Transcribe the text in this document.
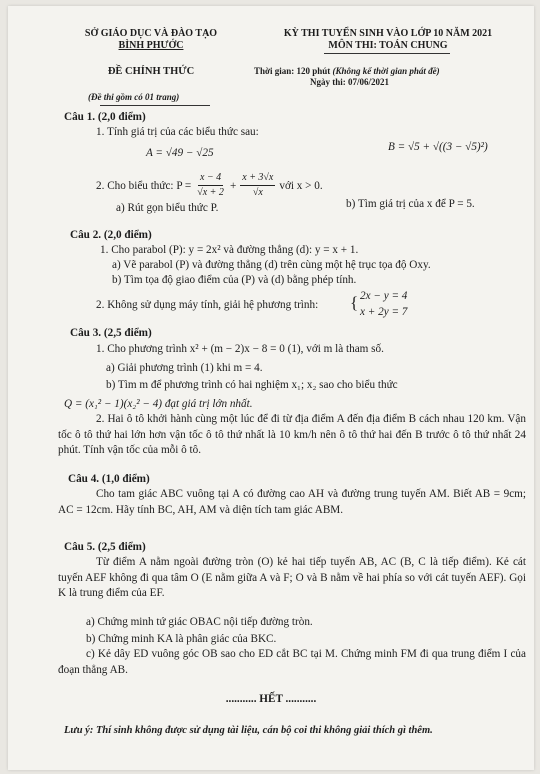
SỞ GIÁO DỤC VÀ ĐÀO TẠO
BÌNH PHƯỚC
KỲ THI TUYỂN SINH VÀO LỚP 10 NĂM 2021
MÔN THI: TOÁN CHUNG
ĐỀ CHÍNH THỨC	Thời gian: 120 phút (Không kể thời gian phát đề)
Ngày thi: 07/06/2021
(Đề thi gồm có 01 trang)
Câu 1. (2,0 điểm)
1. Tính giá trị của các biểu thức sau:
A = √49 − √25	B = √5 + √((3 − √5)²)
2. Cho biểu thức: $P = \frac{x - 4}{√x + 2} + \frac{x + 3√x}{√x}$ với x > 0.
a) Rút gọn biểu thức P.	b) Tìm giá trị của x để P = 5.
Câu 2. (2,0 điểm)
1. Cho parabol (P): y = 2x² và đường thẳng (d): y = x + 1.
a) Vẽ parabol (P) và đường thẳng (d) trên cùng một hệ trục tọa độ Oxy.
b) Tìm tọa độ giao điểm của (P) và (d) bằng phép tính.
2. Không sử dụng máy tính, giải hệ phương trình: { 2x − y = 4
x + 2y = 7
Câu 3. (2,5 điểm)
1. Cho phương trình x² + (m − 2)x − 8 = 0 (1), với m là tham số.
a) Giải phương trình (1) khi m = 4.
b) Tìm m để phương trình có hai nghiệm x₁; x₂ sao cho biểu thức
Q = (x₁² − 1)(x₂² − 4) đạt giá trị lớn nhất.
2. Hai ô tô khởi hành cùng một lúc để đi từ địa điểm A đến địa điểm B cách nhau 120 km. Vận tốc ô tô thứ hai lớn hơn vận tốc ô tô thứ nhất là 10 km/h nên ô tô thứ hai đến B trước ô tô thứ nhất 24 phút. Tính vận tốc của mỗi ô tô.
Câu 4. (1,0 điểm)
Cho tam giác ABC vuông tại A có đường cao AH và đường trung tuyến AM. Biết AB = 9cm; AC = 12cm. Hãy tính BC, AH, AM và diện tích tam giác ABM.
Câu 5. (2,5 điểm)
Từ điểm A nằm ngoài đường tròn (O) kẻ hai tiếp tuyến AB, AC (B, C là tiếp điểm). Kẻ cát tuyến AEF không đi qua tâm O (E nằm giữa A và F; O và B nằm về hai phía so với cát tuyến AEF). Gọi K là trung điểm của EF.
a) Chứng minh tứ giác OBAC nội tiếp đường tròn.
b) Chứng minh KA là phân giác của BKC.
c) Kẻ dây ED vuông góc OB sao cho ED cắt BC tại M. Chứng minh FM đi qua trung điểm I của đoạn thẳng AB.
........... HẾT ...........
Lưu ý: Thí sinh không được sử dụng tài liệu, cán bộ coi thi không giải thích gì thêm.
